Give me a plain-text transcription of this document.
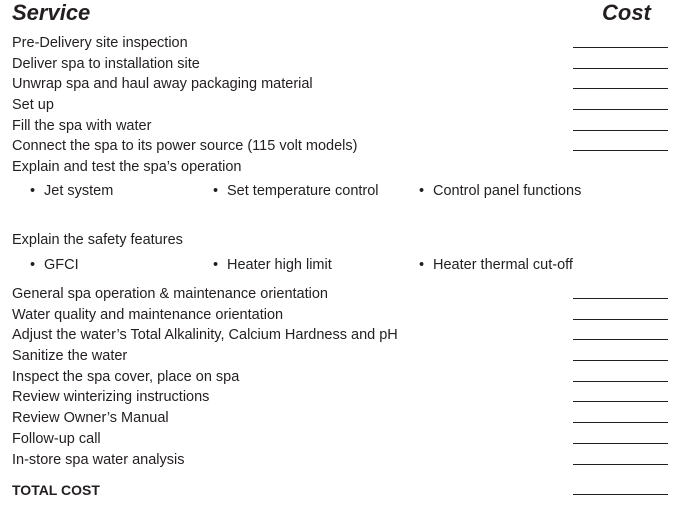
Service	Cost
Pre-Delivery site inspection
Deliver spa to installation site
Unwrap spa and haul away packaging material
Set up
Fill the spa with water
Connect the spa to its power source (115 volt models)
Explain and test the spa’s operation
• Jet system	• Set temperature control	• Control panel functions
Explain the safety features
• GFCI	• Heater high limit	• Heater thermal cut-off
General spa operation & maintenance orientation
Water quality and maintenance orientation
Adjust the water’s Total Alkalinity, Calcium Hardness and pH
Sanitize the water
Inspect the spa cover, place on spa
Review winterizing instructions
Review Owner’s Manual
Follow-up call
In-store spa water analysis
TOTAL COST
